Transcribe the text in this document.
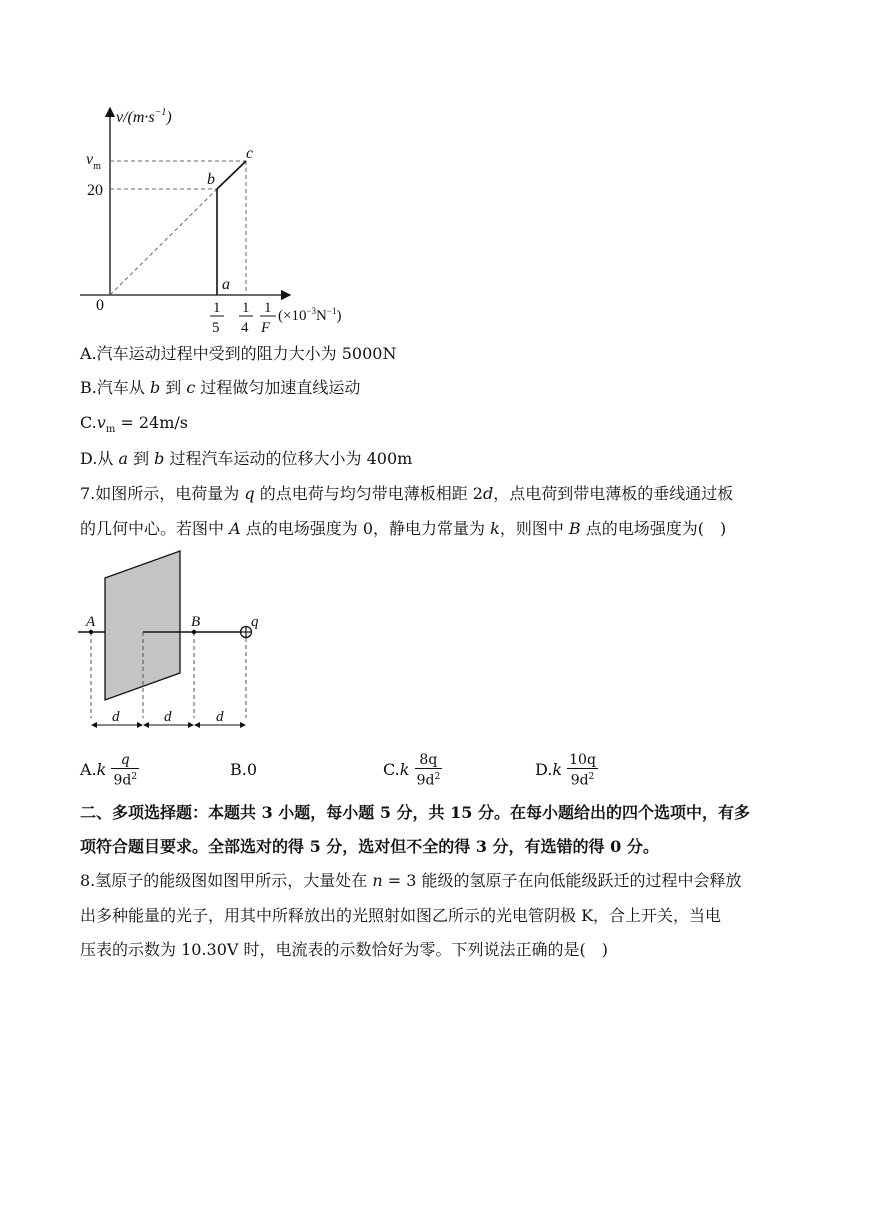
$v/(m\cdot s^{-1})$
$v_m$
20
0
a
b
c
1
5
1
4
1
F
$(\times 10^{-3}N^{-1})$
A.汽车运动过程中受到的阻力大小为 5000N
B.汽车从 b 到 c 过程做匀加速直线运动
$C.v_m = 24m/s$
D.从 a 到 b 过程汽车运动的位移大小为 400m
7.如图所示，电荷量为 q 的点电荷与均匀带电薄板相距 2d，点电荷到带电薄板的垂线通过板
的几何中心。若图中 A 点的电场强度为 0，静电力常量为 k，则图中 B 点的电场强度为(　)
A	B	q
d	d	d
$A.k \frac{q}{9d^2}$	B.0	$C.k \frac{8q}{9d^2}$	$D.k \frac{10q}{9d^2}$
二、多项选择题：本题共 3 小题，每小题 5 分，共 15 分。在每小题给出的四个选项中，有多
项符合题目要求。全部选对的得 5 分，选对但不全的得 3 分，有选错的得 0 分。
8.氢原子的能级图如图甲所示，大量处在 n = 3 能级的氢原子在向低能级跃迁的过程中会释放
出多种能量的光子，用其中所释放出的光照射如图乙所示的光电管阴极 K，合上开关，当电
压表的示数为 10.30V 时，电流表的示数恰好为零。下列说法正确的是(　)
